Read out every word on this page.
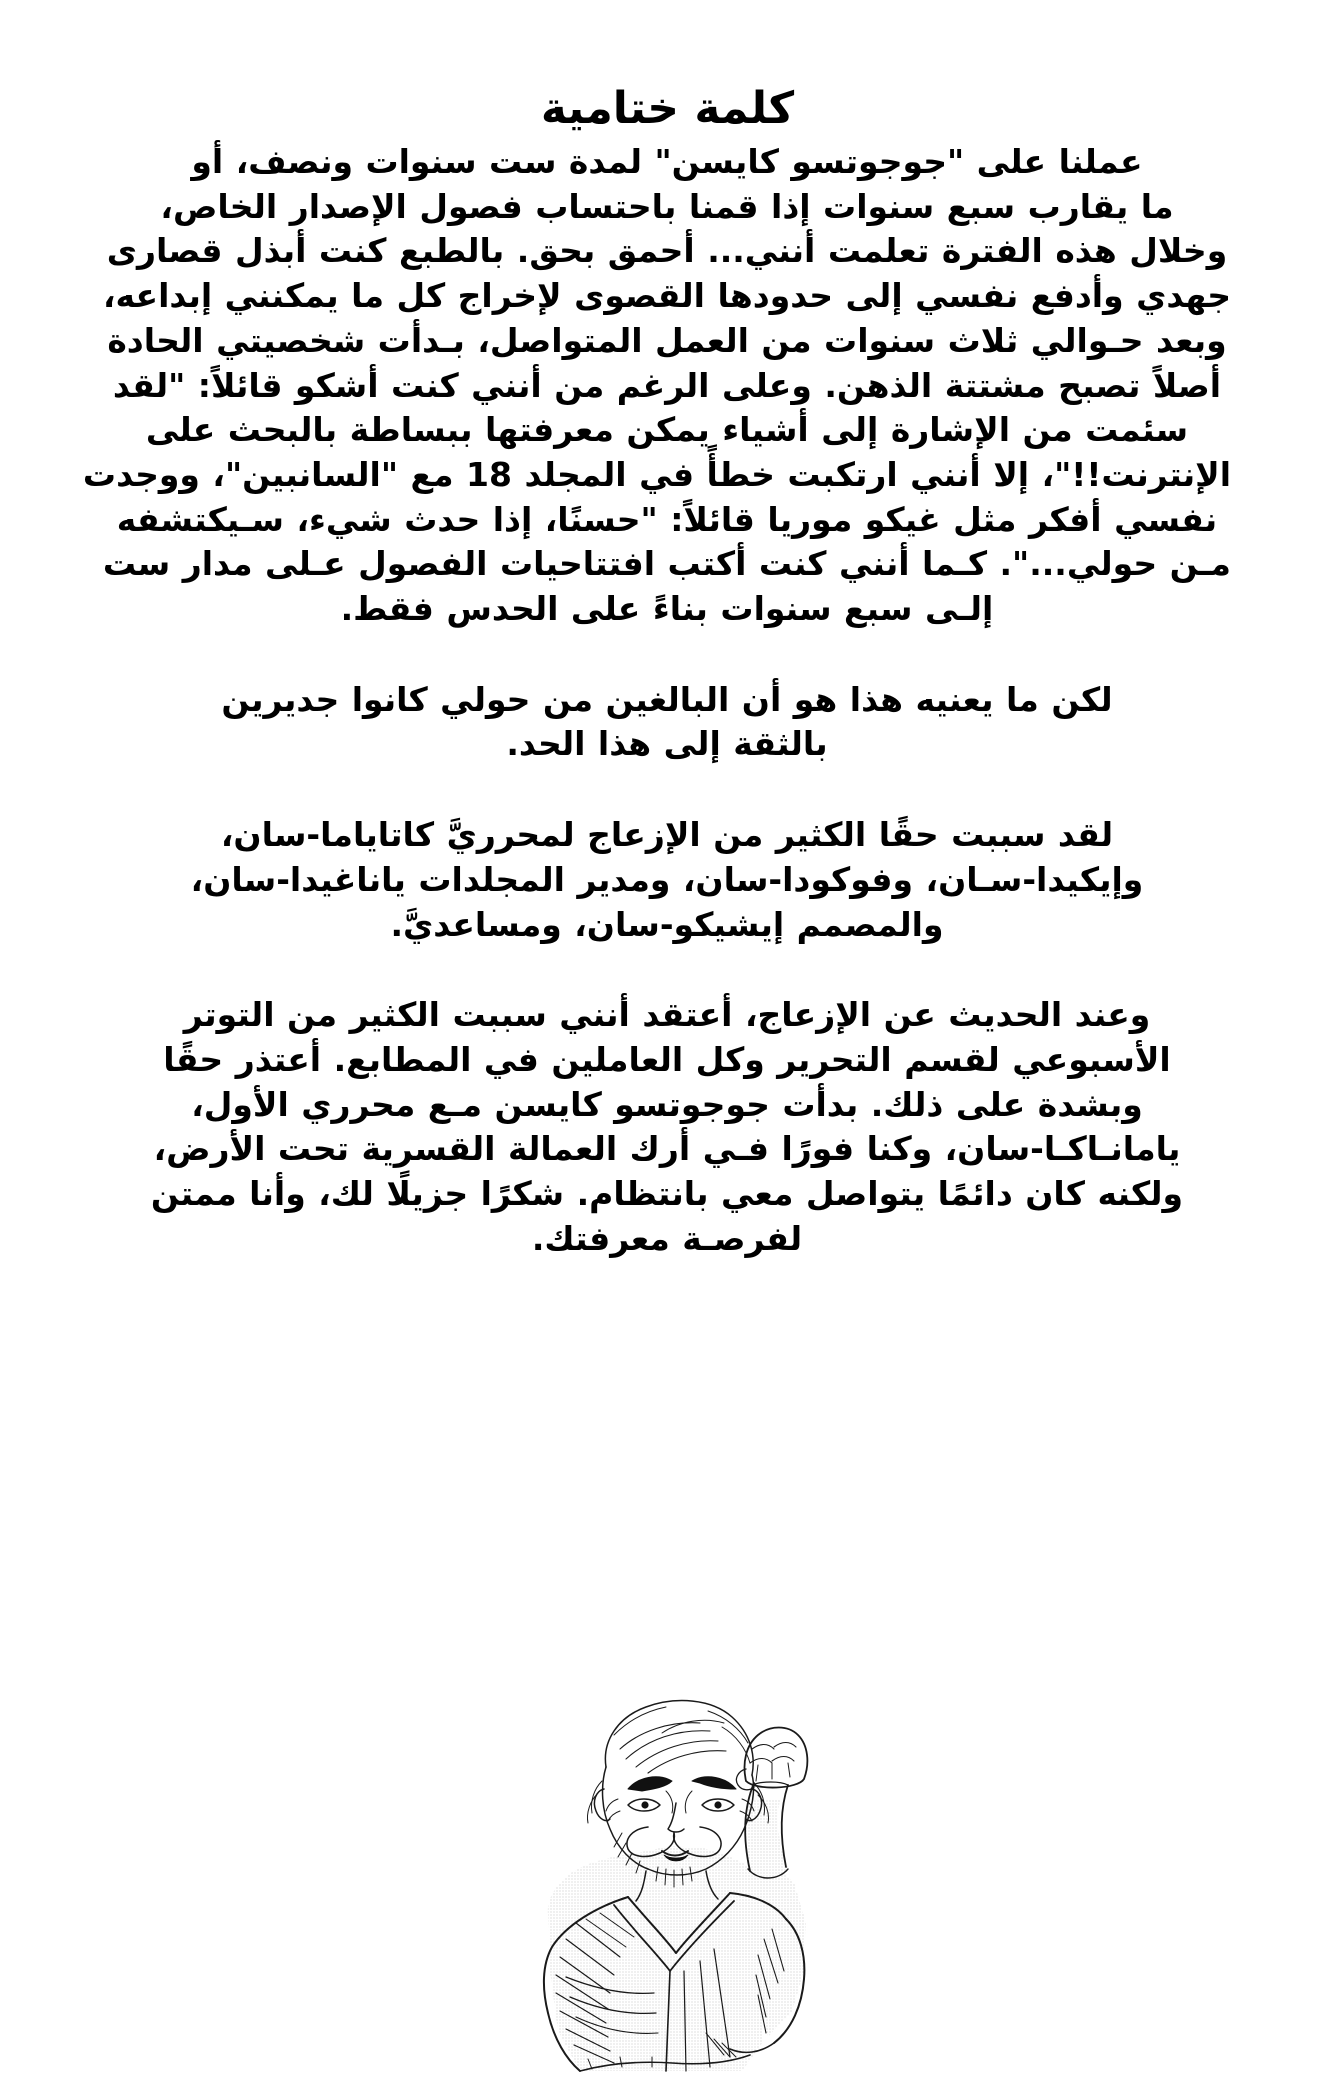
كلمة ختامية

عملنا على "جوجوتسو كايسن" لمدة ست سنوات ونصف، أو
ما يقارب سبع سنوات إذا قمنا باحتساب فصول الإصدار الخاص،
وخلال هذه الفترة تعلمت أنني... أحمق بحق. بالطبع كنت أبذل قصارى
جهدي وأدفع نفسي إلى حدودها القصوى لإخراج كل ما يمكنني إبداعه،
وبعد حـوالي ثلاث سنوات من العمل المتواصل، بـدأت شخصيتي الحادة
أصلاً تصبح مشتتة الذهن. وعلى الرغم من أنني كنت أشكو قائلاً: "لقد
سئمت من الإشارة إلى أشياء يمكن معرفتها ببساطة بالبحث على
الإنترنت!!"، إلا أنني ارتكبت خطأً في المجلد 18 مع "السانبين"، ووجدت
نفسي أفكر مثل غيكو موريا قائلاً: "حسنًا، إذا حدث شيء، سـيكتشفه
مـن حولي...". كـما أنني كنت أكتب افتتاحيات الفصول عـلى مدار ست
إلـى سبع سنوات بناءً على الحدس فقط.

لكن ما يعنيه هذا هو أن البالغين من حولي كانوا جديرين
بالثقة إلى هذا الحد.

لقد سببت حقًا الكثير من الإزعاج لمحرريَّ كاتاياما-سان،
وإيكيدا-سـان، وفوكودا-سان، ومدير المجلدات ياناغيدا-سان،
والمصمم إيشيكو-سان، ومساعديَّ.

وعند الحديث عن الإزعاج، أعتقد أنني سببت الكثير من التوتر
الأسبوعي لقسم التحرير وكل العاملين في المطابع. أعتذر حقًا
وبشدة على ذلك. بدأت جوجوتسو كايسن مـع محرري الأول،
يامانـاكـا-سان، وكنا فورًا فـي أرك العمالة القسرية تحت الأرض،
ولكنه كان دائمًا يتواصل معي بانتظام. شكرًا جزيلًا لك، وأنا ممتن
لفرصـة معرفتك.
